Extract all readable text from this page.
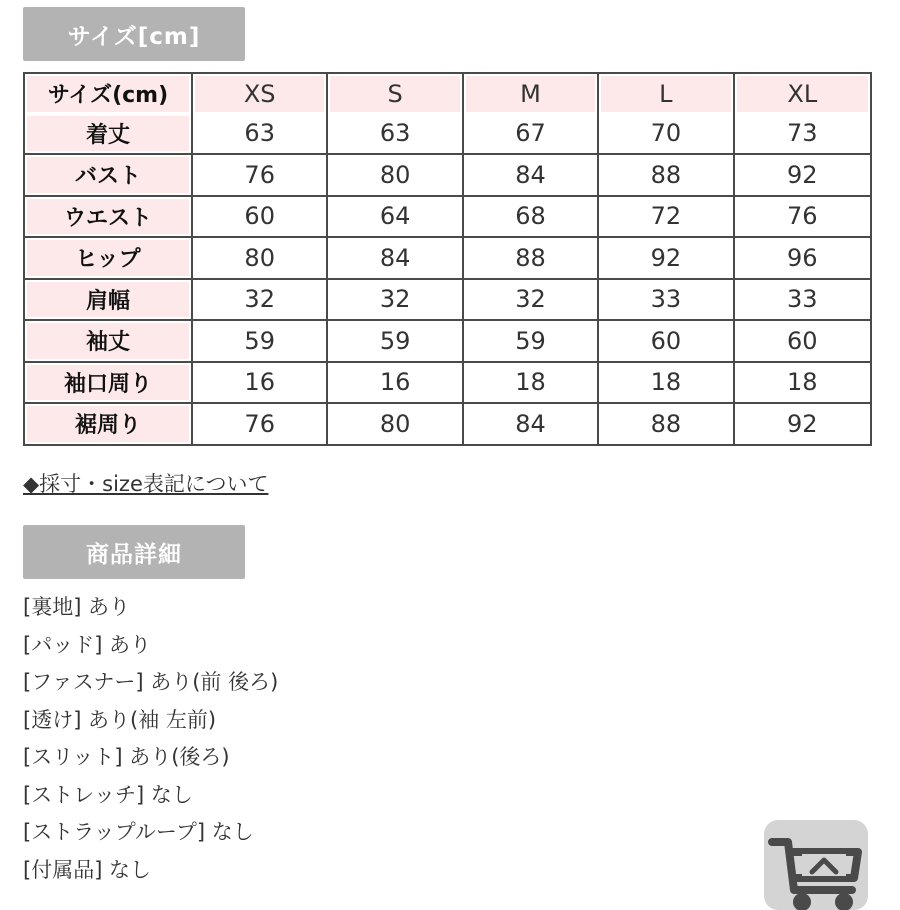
サイズ[cm]
サイズ(cm)	XS	S	M	L	XL

着丈	63	63	67	70	73

バスト	76	80	84	88	92

ウエスト	60	64	68	72	76

ヒップ	80	84	88	92	96

肩幅	32	32	32	33	33

袖丈	59	59	59	60	60

袖口周り	16	16	18	18	18

裾周り	76	80	84	88	92
◆採寸・size表記について
商品詳細
[裏地] あり
[パッド] あり
[ファスナー] あり(前 後ろ)
[透け] あり(袖 左前)
[スリット] あり(後ろ)
[ストレッチ] なし
[ストラップループ] なし
[付属品] なし
